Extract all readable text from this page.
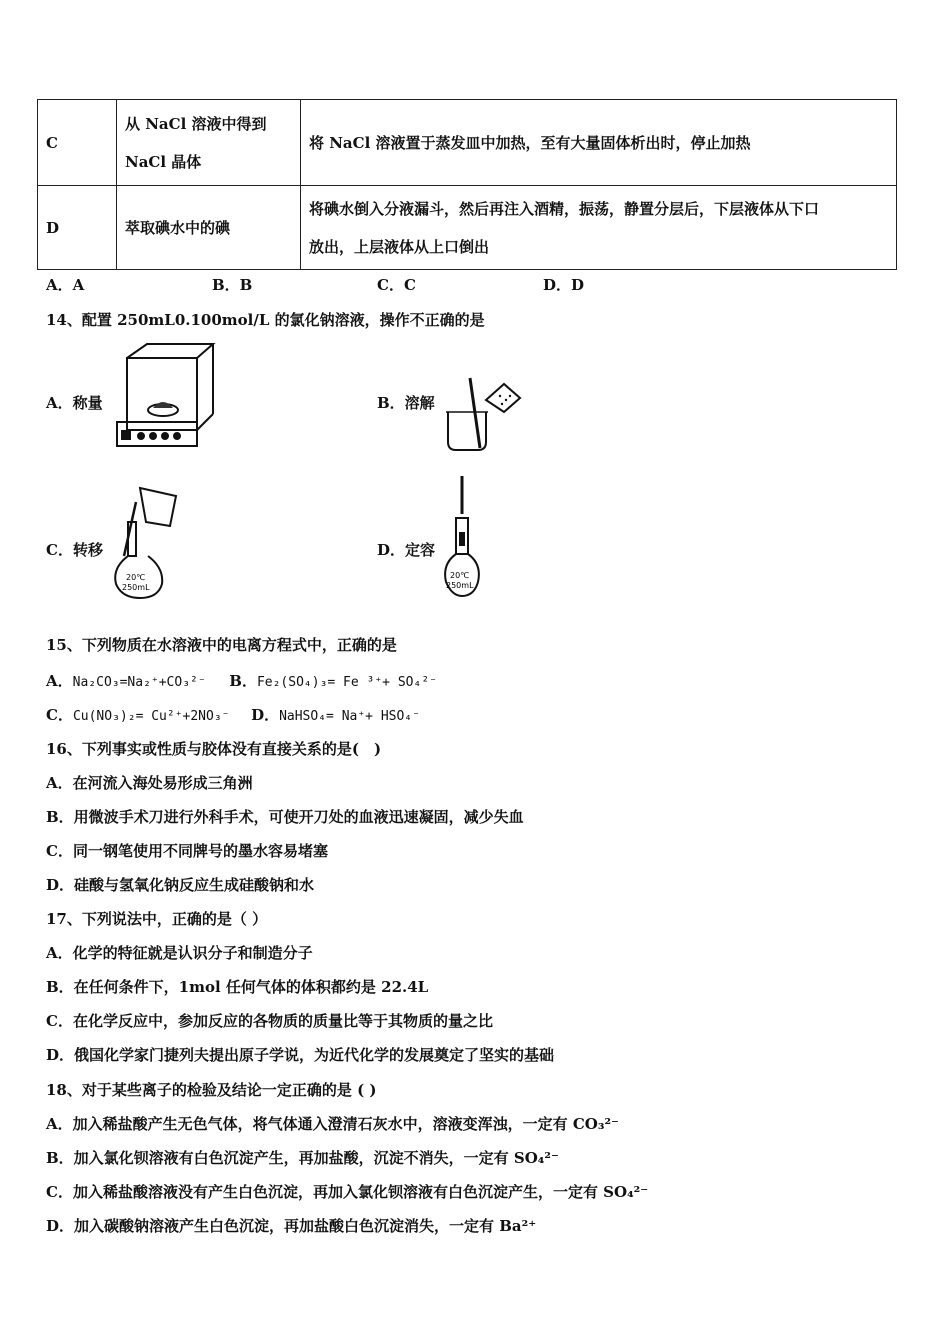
C	从 NaCl 溶液中得到
NaCl 晶体	将 NaCl 溶液置于蒸发皿中加热，至有大量固体析出时，停止加热
D	萃取碘水中的碘	将碘水倒入分液漏斗，然后再注入酒精，振荡，静置分层后，下层液体从下口
放出，上层液体从上口倒出
A．A	B．B	C．C	D．D
14、配置 250mL0.100mol/L 的氯化钠溶液，操作不正确的是
A．称量	B．溶解
C．转移
20℃
250mL
D．定容
20℃
250mL
15、下列物质在水溶液中的电离方程式中，正确的是
A．Na₂CO₃=Na₂⁺+CO₃²⁻ B．Fe₂(SO₄)₃= Fe ³⁺+ SO₄²⁻
C．Cu(NO₃)₂= Cu²⁺+2NO₃⁻ D．NaHSO₄= Na⁺+ HSO₄⁻
16、下列事实或性质与胶体没有直接关系的是(　)
A．在河流入海处易形成三角洲
B．用微波手术刀进行外科手术，可使开刀处的血液迅速凝固，减少失血
C．同一钢笔使用不同牌号的墨水容易堵塞
D．硅酸与氢氧化钠反应生成硅酸钠和水
17、下列说法中，正确的是（ ）
A．化学的特征就是认识分子和制造分子
B．在任何条件下，1mol 任何气体的体积都约是 22.4L
C．在化学反应中，参加反应的各物质的质量比等于其物质的量之比
D．俄国化学家门捷列夫提出原子学说，为近代化学的发展奠定了坚实的基础
18、对于某些离子的检验及结论一定正确的是 ( )
A．加入稀盐酸产生无色气体，将气体通入澄清石灰水中，溶液变浑浊，一定有 CO₃²⁻
B．加入氯化钡溶液有白色沉淀产生，再加盐酸，沉淀不消失，一定有 SO₄²⁻
C．加入稀盐酸溶液没有产生白色沉淀，再加入氯化钡溶液有白色沉淀产生，一定有 SO₄²⁻
D．加入碳酸钠溶液产生白色沉淀，再加盐酸白色沉淀消失，一定有 Ba²⁺
